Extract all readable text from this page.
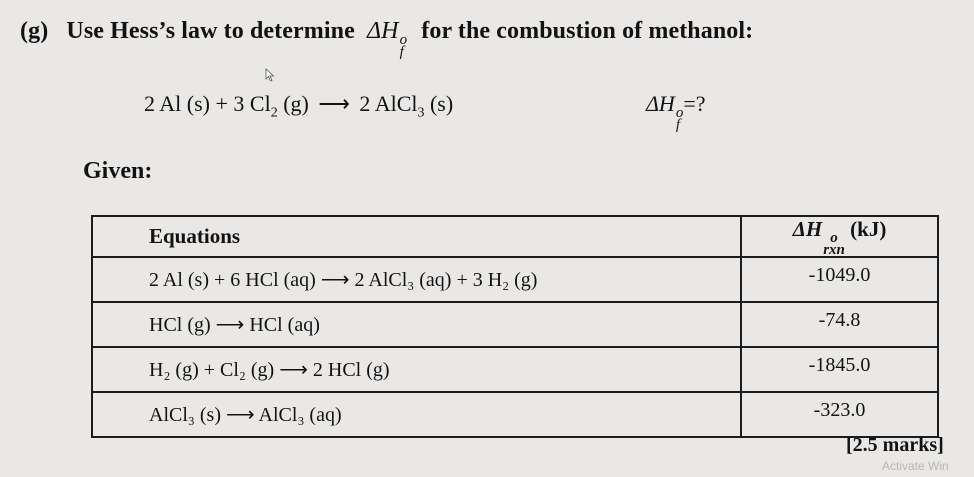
(g) Use Hess’s law to determine ΔH o
f
for the combustion of methanol:
2 Al (s) + 3 $Cl_2$ (g) ⟶ 2 AlCl$_3$ (s)	ΔH o
f
=?
Given:
Equations	ΔH o
rxn
(kJ)
2 Al (s) + 6 HCl (aq) ⟶ 2 AlCl₃ (aq) + 3 H₂ (g)	-1049.0
HCl (g) ⟶ HCl (aq)	-74.8
H₂ (g) + Cl₂ (g) ⟶ 2 HCl (g)	-1845.0
AlCl₃ (s) ⟶ AlCl₃ (aq)	-323.0
[2.5 marks]
Activate Win
